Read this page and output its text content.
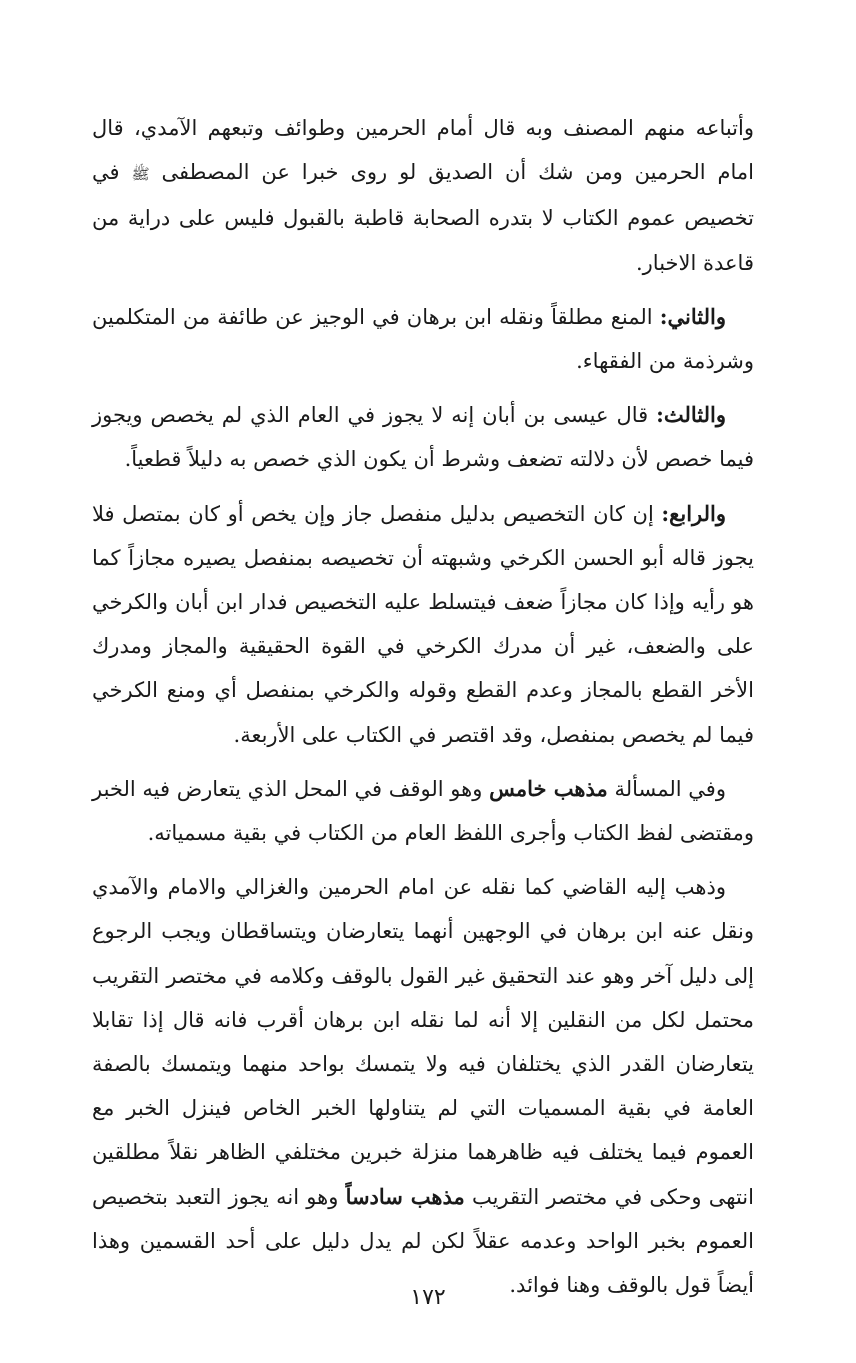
وأتباعه منهم المصنف وبه قال أمام الحرمين وطوائف وتبعهم الآمدي، قال امام الحرمين ومن شك أن الصديق لو روى خبرا عن المصطفى ﷺ في تخصيص عموم الكتاب لا بتدره الصحابة قاطبة بالقبول فليس على دراية من قاعدة الاخبار.

والثاني: المنع مطلقاً ونقله ابن برهان في الوجيز عن طائفة من المتكلمين وشرذمة من الفقهاء.

والثالث: قال عيسى بن أبان إنه لا يجوز في العام الذي لم يخصص ويجوز فيما خصص لأن دلالته تضعف وشرط أن يكون الذي خصص به دليلاً قطعياً.

والرابع: إن كان التخصيص بدليل منفصل جاز وإن يخص أو كان بمتصل فلا يجوز قاله أبو الحسن الكرخي وشبهته أن تخصيصه بمنفصل يصيره مجازاً كما هو رأيه وإذا كان مجازاً ضعف فيتسلط عليه التخصيص فدار ابن أبان والكرخي على والضعف، غير أن مدرك الكرخي في القوة الحقيقية والمجاز ومدرك الأخر القطع بالمجاز وعدم القطع وقوله والكرخي بمنفصل أي ومنع الكرخي فيما لم يخصص بمنفصل، وقد اقتصر في الكتاب على الأربعة.

وفي المسألة مذهب خامس وهو الوقف في المحل الذي يتعارض فيه الخبر ومقتضى لفظ الكتاب وأجرى اللفظ العام من الكتاب في بقية مسمياته.

وذهب إليه القاضي كما نقله عن امام الحرمين والغزالي والامام والآمدي ونقل عنه ابن برهان في الوجهين أنهما يتعارضان ويتساقطان ويجب الرجوع إلى دليل آخر وهو عند التحقيق غير القول بالوقف وكلامه في مختصر التقريب محتمل لكل من النقلين إلا أنه لما نقله ابن برهان أقرب فانه قال إذا تقابلا يتعارضان القدر الذي يختلفان فيه ولا يتمسك بواحد منهما ويتمسك بالصفة العامة في بقية المسميات التي لم يتناولها الخبر الخاص فينزل الخبر مع العموم فيما يختلف فيه ظاهرهما منزلة خبرين مختلفي الظاهر نقلاً مطلقين انتهى وحكى في مختصر التقريب مذهب سادساً وهو انه يجوز التعبد بتخصيص العموم بخبر الواحد وعدمه عقلاً لكن لم يدل دليل على أحد القسمين وهذا أيضاً قول بالوقف وهنا فوائد.

١٧٢
